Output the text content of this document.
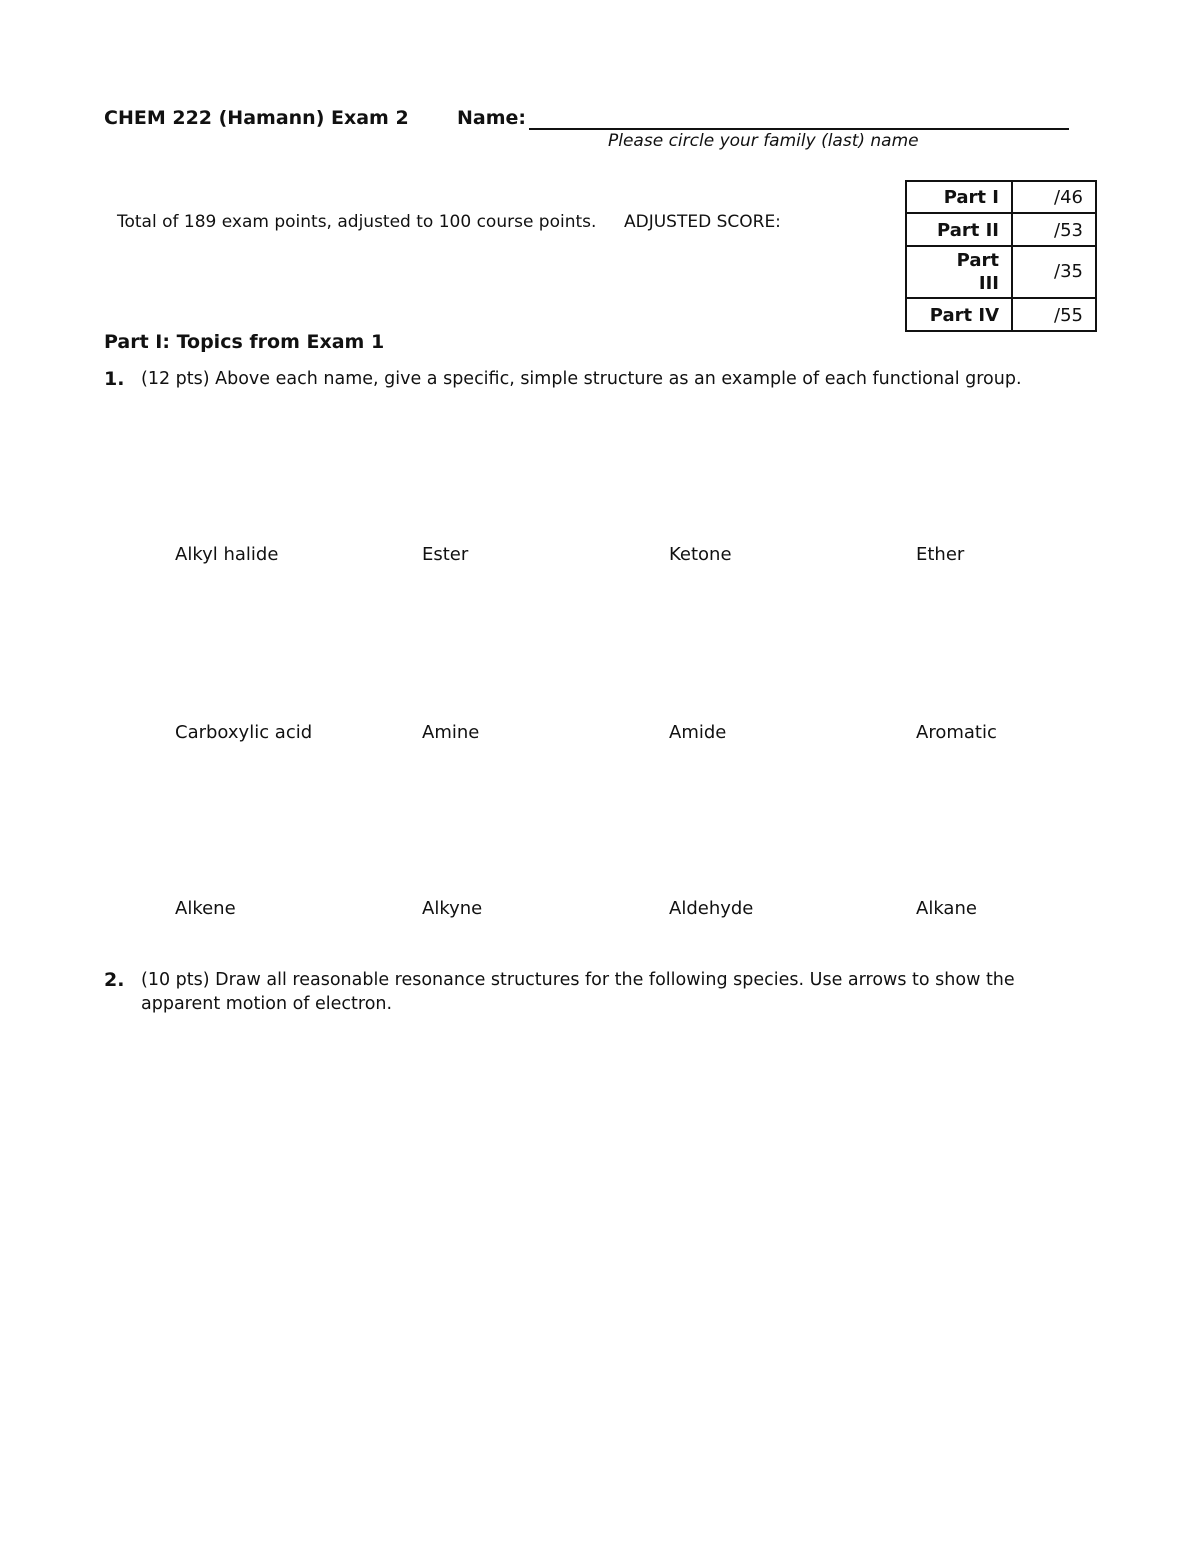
CHEM 222 (Hamann) Exam 2	Name:
Please circle your family (last) name
Total of 189 exam points, adjusted to 100 course points. ADJUSTED SCORE:
Part I	/46
Part II	/53
Part
III	/35
Part IV	/55
Part I: Topics from Exam 1
1. (12 pts) Above each name, give a specific, simple structure as an example of each functional group.
Alkyl halide	Ester	Ketone	Ether
Carboxylic acid	Amine	Amide	Aromatic
Alkene	Alkyne	Aldehyde	Alkane
2. (10 pts) Draw all reasonable resonance structures for the following species. Use arrows to show the apparent motion of electron.
